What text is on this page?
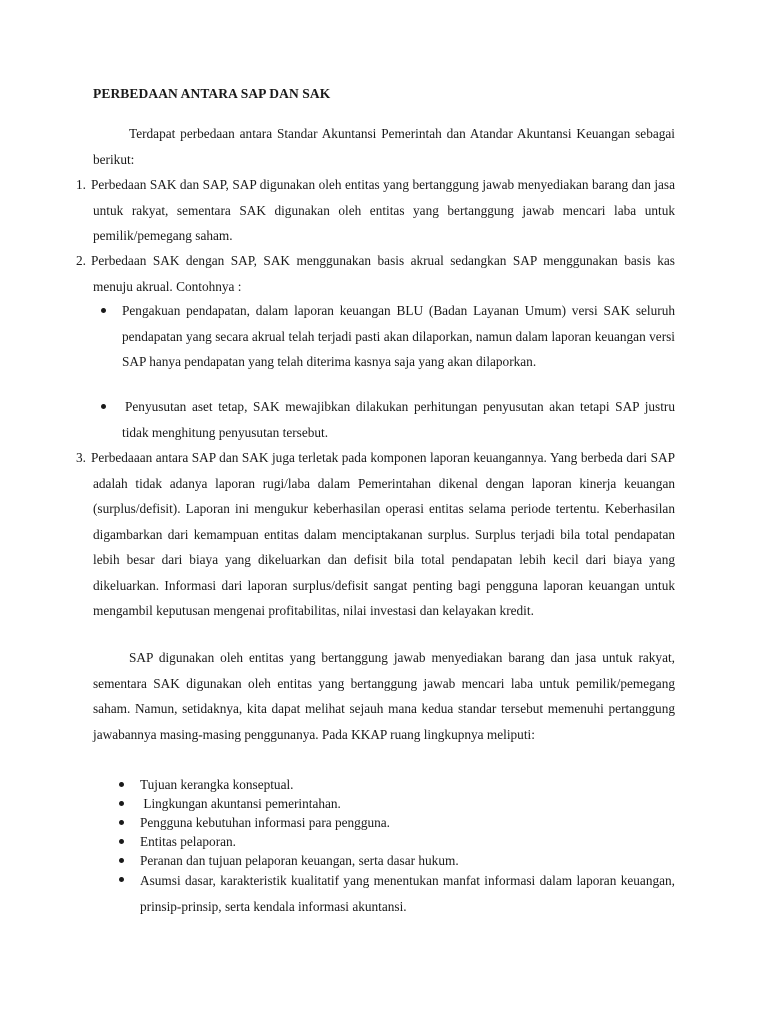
PERBEDAAN ANTARA SAP DAN SAK
Terdapat perbedaan antara Standar Akuntansi Pemerintah dan Atandar Akuntansi Keuangan sebagai berikut:
1. Perbedaan SAK dan SAP, SAP digunakan oleh entitas yang bertanggung jawab menyediakan barang dan jasa untuk rakyat, sementara SAK digunakan oleh entitas yang bertanggung jawab mencari laba untuk pemilik/pemegang saham.
2. Perbedaan SAK dengan SAP, SAK menggunakan basis akrual sedangkan SAP menggunakan basis kas menuju akrual. Contohnya :
Pengakuan pendapatan, dalam laporan keuangan BLU (Badan Layanan Umum) versi SAK seluruh pendapatan yang secara akrual telah terjadi pasti akan dilaporkan, namun dalam laporan keuangan versi SAP hanya pendapatan yang telah diterima kasnya saja yang akan dilaporkan.
Penyusutan aset tetap, SAK mewajibkan dilakukan perhitungan penyusutan akan tetapi SAP justru tidak menghitung penyusutan tersebut.
3. Perbedaaan antara SAP dan SAK juga terletak pada komponen laporan keuangannya. Yang berbeda dari SAP adalah tidak adanya laporan rugi/laba dalam Pemerintahan dikenal dengan laporan kinerja keuangan (surplus/defisit). Laporan ini mengukur keberhasilan operasi entitas selama periode tertentu. Keberhasilan digambarkan dari kemampuan entitas dalam menciptakanan surplus. Surplus terjadi bila total pendapatan lebih besar dari biaya yang dikeluarkan dan defisit bila total pendapatan lebih kecil dari biaya yang dikeluarkan. Informasi dari laporan surplus/defisit sangat penting bagi pengguna laporan keuangan untuk mengambil keputusan mengenai profitabilitas, nilai investasi dan kelayakan kredit.
SAP digunakan oleh entitas yang bertanggung jawab menyediakan barang dan jasa untuk rakyat, sementara SAK digunakan oleh entitas yang bertanggung jawab mencari laba untuk pemilik/pemegang saham. Namun, setidaknya, kita dapat melihat sejauh mana kedua standar tersebut memenuhi pertanggung jawabannya masing-masing penggunanya. Pada KKAP ruang lingkupnya meliputi:
Tujuan kerangka konseptual.
Lingkungan akuntansi pemerintahan.
Pengguna kebutuhan informasi para pengguna.
Entitas pelaporan.
Peranan dan tujuan pelaporan keuangan, serta dasar hukum.
Asumsi dasar, karakteristik kualitatif yang menentukan manfat informasi dalam laporan keuangan, prinsip-prinsip, serta kendala informasi akuntansi.
